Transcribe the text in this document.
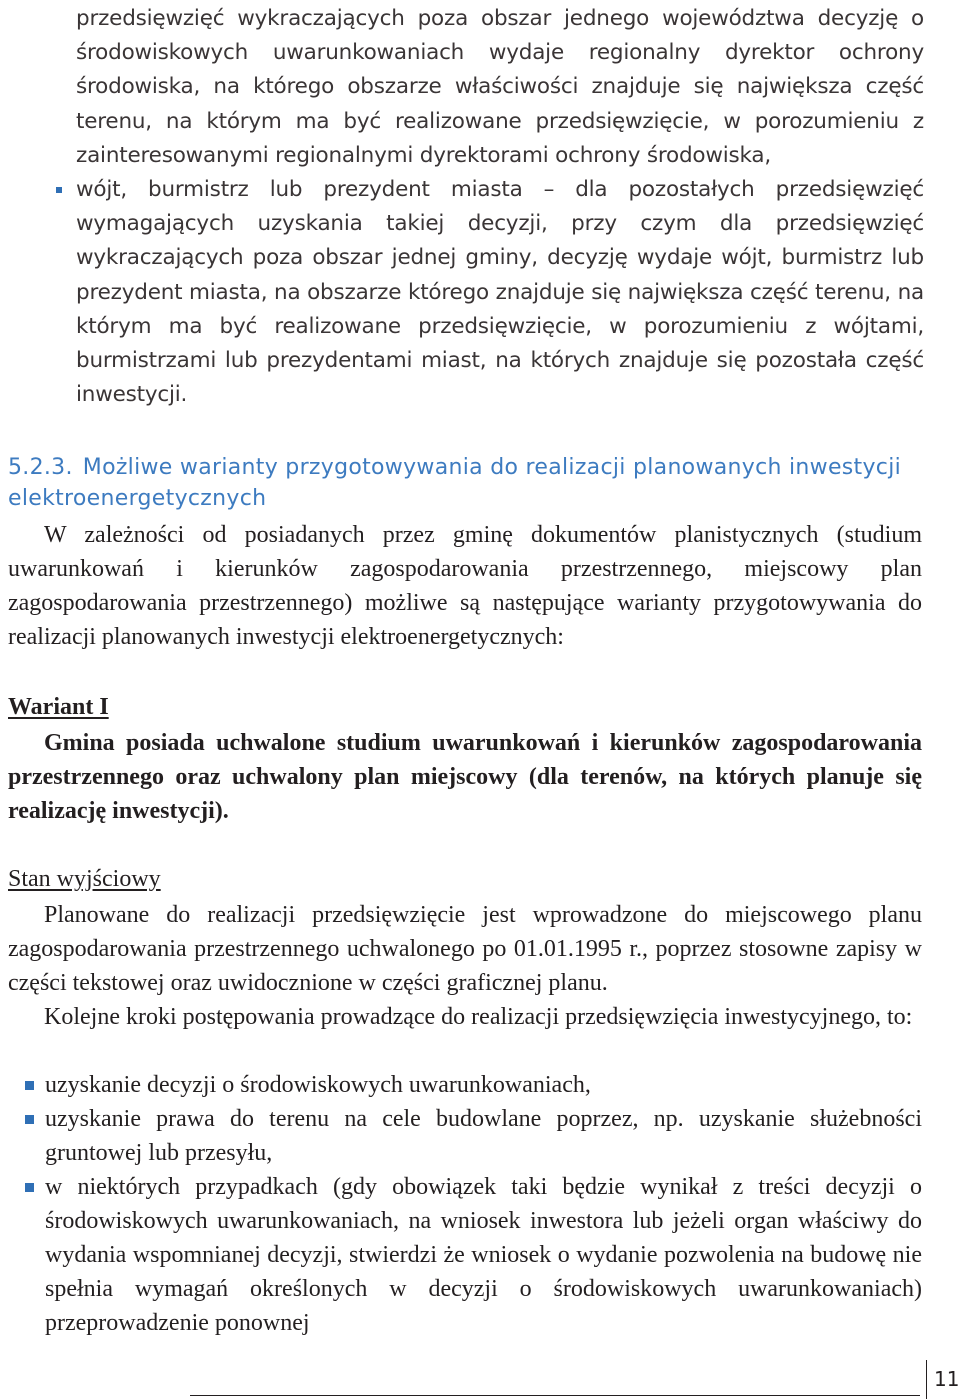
przedsięwzięć wykraczających poza obszar jednego województwa decyzję o środowiskowych uwarunkowaniach wydaje regionalny dyrektor ochrony środowiska, na którego obszarze właściwości znajduje się największa część terenu, na którym ma być realizowane przedsięwzięcie, w porozumieniu z zainteresowanymi regionalnymi dyrektorami ochrony środowiska,

wójt, burmistrz lub prezydent miasta – dla pozostałych przedsięwzięć wymagających uzyskania takiej decyzji, przy czym dla przedsięwzięć wykraczających poza obszar jednej gminy, decyzję wydaje wójt, burmistrz lub prezydent miasta, na obszarze którego znajduje się największa część terenu, na którym ma być realizowane przedsięwzięcie, w porozumieniu z wójtami, burmistrzami lub prezydentami miast, na których znajduje się pozostała część inwestycji.

5.2.3. Możliwe warianty przygotowywania do realizacji planowanych inwestycji elektroenergetycznych
W zależności od posiadanych przez gminę dokumentów planistycznych (studium uwarunkowań i kierunków zagospodarowania przestrzennego, miejscowy plan zagospodarowania przestrzennego) możliwe są następujące warianty przygotowywania do realizacji planowanych inwestycji elektroenergetycznych:
Wariant I
Gmina posiada uchwalone studium uwarunkowań i kierunków zagospodarowania przestrzennego oraz uchwalony plan miejscowy (dla terenów, na których planuje się realizację inwestycji).
Stan wyjściowy

Planowane do realizacji przedsięwzięcie jest wprowadzone do miejscowego planu zagospodarowania przestrzennego uchwalonego po 01.01.1995 r., poprzez stosowne zapisy w części tekstowej oraz uwidocznione w części graficznej planu.

Kolejne kroki postępowania prowadzące do realizacji przedsięwzięcia inwestycyjnego, to:

uzyskanie decyzji o środowiskowych uwarunkowaniach,
uzyskanie prawa do terenu na cele budowlane poprzez, np. uzyskanie służebności gruntowej lub przesyłu,
w niektórych przypadkach (gdy obowiązek taki będzie wynikał z treści decyzji o środowiskowych uwarunkowaniach, na wniosek inwestora lub jeżeli organ właściwy do wydania wspomnianej decyzji, stwierdzi że wniosek o wydanie pozwolenia na budowę nie spełnia wymagań określonych w decyzji o środowiskowych uwarunkowaniach) przeprowadzenie ponownej
11
